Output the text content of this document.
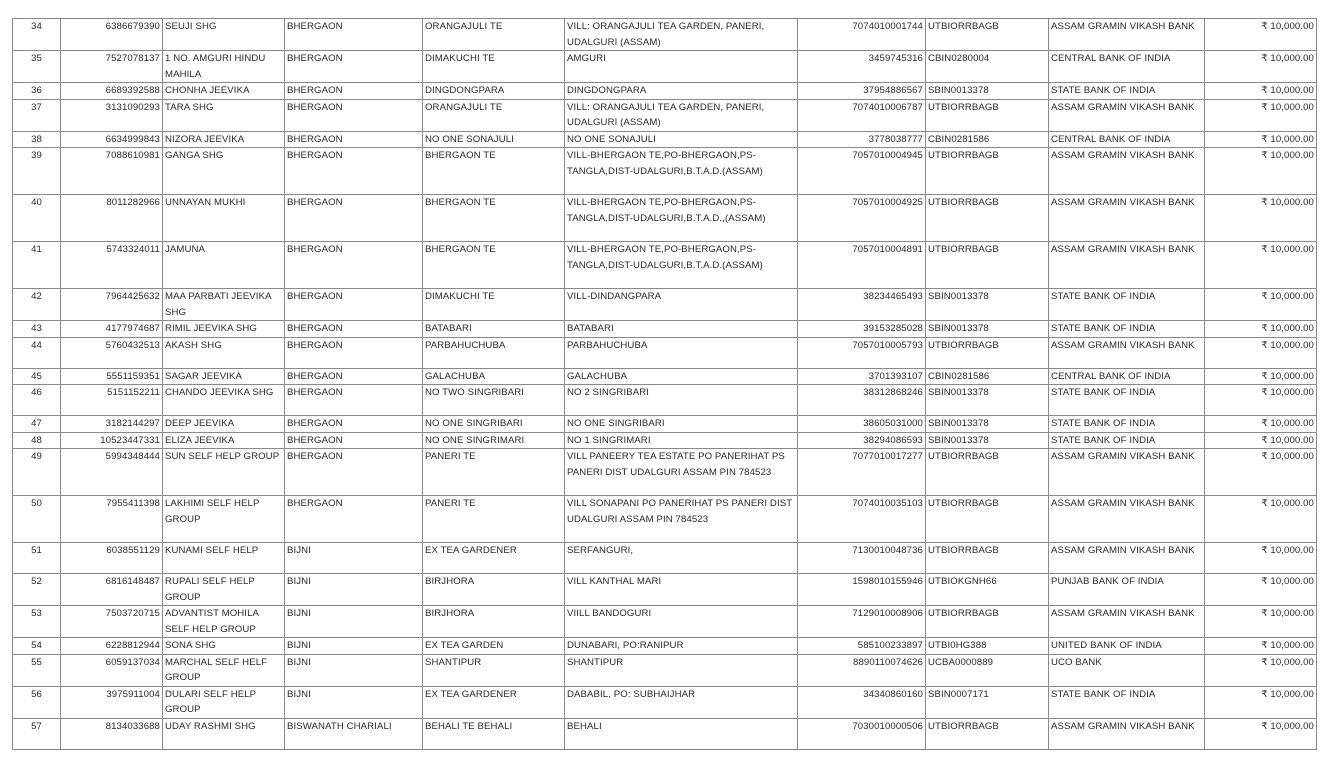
34	6386679390	SEUJI SHG	BHERGAON	ORANGAJULI TE	VILL: ORANGAJULI TEA GARDEN, PANERI, UDALGURI (ASSAM)	7074010001744	UTBIORRBAGB	ASSAM GRAMIN VIKASH BANK	₹ 10,000.00
35	7527078137	1 NO. AMGURI HINDU MAHILA	BHERGAON	DIMAKUCHI TE	AMGURI	3459745316	CBIN0280004	CENTRAL BANK OF INDIA	₹ 10,000.00
36	6689392588	CHONHA JEEVIKA	BHERGAON	DINGDONGPARA	DINGDONGPARA	37954886567	SBIN0013378	STATE BANK OF INDIA	₹ 10,000.00
37	3131090293	TARA SHG	BHERGAON	ORANGAJULI TE	VILL: ORANGAJULI TEA GARDEN, PANERI, UDALGURI (ASSAM)	7074010006787	UTBIORRBAGB	ASSAM GRAMIN VIKASH BANK	₹ 10,000.00
38	6634999843	NIZORA JEEVIKA	BHERGAON	NO ONE SONAJULI	NO ONE SONAJULI	3778038777	CBIN0281586	CENTRAL BANK OF INDIA	₹ 10,000.00
39	7088610981	GANGA SHG	BHERGAON	BHERGAON TE	VILL-BHERGAON TE,PO-BHERGAON,PS-TANGLA,DIST-UDALGURI,B.T.A.D.(ASSAM)	7057010004945	UTBIORRBAGB	ASSAM GRAMIN VIKASH BANK	₹ 10,000.00
40	8011282966	UNNAYAN MUKHI	BHERGAON	BHERGAON TE	VILL-BHERGAON TE,PO-BHERGAON,PS-TANGLA,DIST-UDALGURI,B.T.A.D.,(ASSAM)	7057010004925	UTBIORRBAGB	ASSAM GRAMIN VIKASH BANK	₹ 10,000.00
41	5743324011	JAMUNA	BHERGAON	BHERGAON TE	VILL-BHERGAON TE,PO-BHERGAON,PS-TANGLA,DIST-UDALGURI,B.T.A.D.(ASSAM)	7057010004891	UTBIORRBAGB	ASSAM GRAMIN VIKASH BANK	₹ 10,000.00
42	7964425632	MAA PARBATI JEEVIKA SHG	BHERGAON	DIMAKUCHI TE	VILL-DINDANGPARA	38234465493	SBIN0013378	STATE BANK OF INDIA	₹ 10,000.00
43	4177974687	RIMIL JEEVIKA SHG	BHERGAON	BATABARI	BATABARI	39153285028	SBIN0013378	STATE BANK OF INDIA	₹ 10,000.00
44	5760432513	AKASH SHG	BHERGAON	PARBAHUCHUBA	PARBAHUCHUBA	7057010005793	UTBIORRBAGB	ASSAM GRAMIN VIKASH BANK	₹ 10,000.00
45	5551159351	SAGAR JEEVIKA	BHERGAON	GALACHUBA	GALACHUBA	3701393107	CBIN0281586	CENTRAL BANK OF INDIA	₹ 10,000.00
46	5151152211	CHANDO JEEVIKA SHG	BHERGAON	NO TWO SINGRIBARI	NO 2 SINGRIBARI	38312868246	SBIN0013378	STATE BANK OF INDIA	₹ 10,000.00
47	3182144297	DEEP JEEVIKA	BHERGAON	NO ONE SINGRIBARI	NO ONE SINGRIBARI	38605031000	SBIN0013378	STATE BANK OF INDIA	₹ 10,000.00
48	10523447331	ELIZA JEEVIKA	BHERGAON	NO ONE SINGRIMARI	NO 1 SINGRIMARI	38294086593	SBIN0013378	STATE BANK OF INDIA	₹ 10,000.00
49	5994348444	SUN SELF HELP GROUP	BHERGAON	PANERI TE	VILL PANEERY TEA ESTATE PO PANERIHAT PS PANERI DIST UDALGURI ASSAM PIN 784523	7077010017277	UTBIORRBAGB	ASSAM GRAMIN VIKASH BANK	₹ 10,000.00
50	7955411398	LAKHIMI SELF HELP GROUP	BHERGAON	PANERI TE	VILL SONAPANI PO PANERIHAT PS PANERI DIST UDALGURI ASSAM PIN 784523	7074010035103	UTBIORRBAGB	ASSAM GRAMIN VIKASH BANK	₹ 10,000.00
51	6038551129	KUNAMI SELF HELP	BIJNI	EX TEA GARDENER	SERFANGURI,	7130010048736	UTBIORRBAGB	ASSAM GRAMIN VIKASH BANK	₹ 10,000.00
52	6816148487	RUPALI SELF HELP GROUP	BIJNI	BIRJHORA	VILL KANTHAL MARI	1598010155946	UTBIOKGNH66	PUNJAB BANK OF INDIA	₹ 10,000.00
53	7503720715	ADVANTIST MOHILA SELF HELP GROUP	BIJNI	BIRJHORA	VIILL BANDOGURI	7129010008906	UTBIORRBAGB	ASSAM GRAMIN VIKASH BANK	₹ 10,000.00
54	6228812944	SONA SHG	BIJNI	EX TEA GARDEN	DUNABARI, PO:RANIPUR	585100233897	UTBI0HG388	UNITED BANK OF INDIA	₹ 10,000.00
55	6059137034	MARCHAL SELF HELF GROUP	BIJNI	SHANTIPUR	SHANTIPUR	8890110074626	UCBA0000889	UCO BANK	₹ 10,000.00
56	3975911004	DULARI SELF HELP GROUP	BIJNI	EX TEA GARDENER	DABABIL, PO: SUBHAIJHAR	34340860160	SBIN0007171	STATE BANK OF INDIA	₹ 10,000.00
57	8134033688	UDAY RASHMI SHG	BISWANATH CHARIALI	BEHALI TE BEHALI	BEHALI	7030010000506	UTBIORRBAGB	ASSAM GRAMIN VIKASH BANK	₹ 10,000.00
